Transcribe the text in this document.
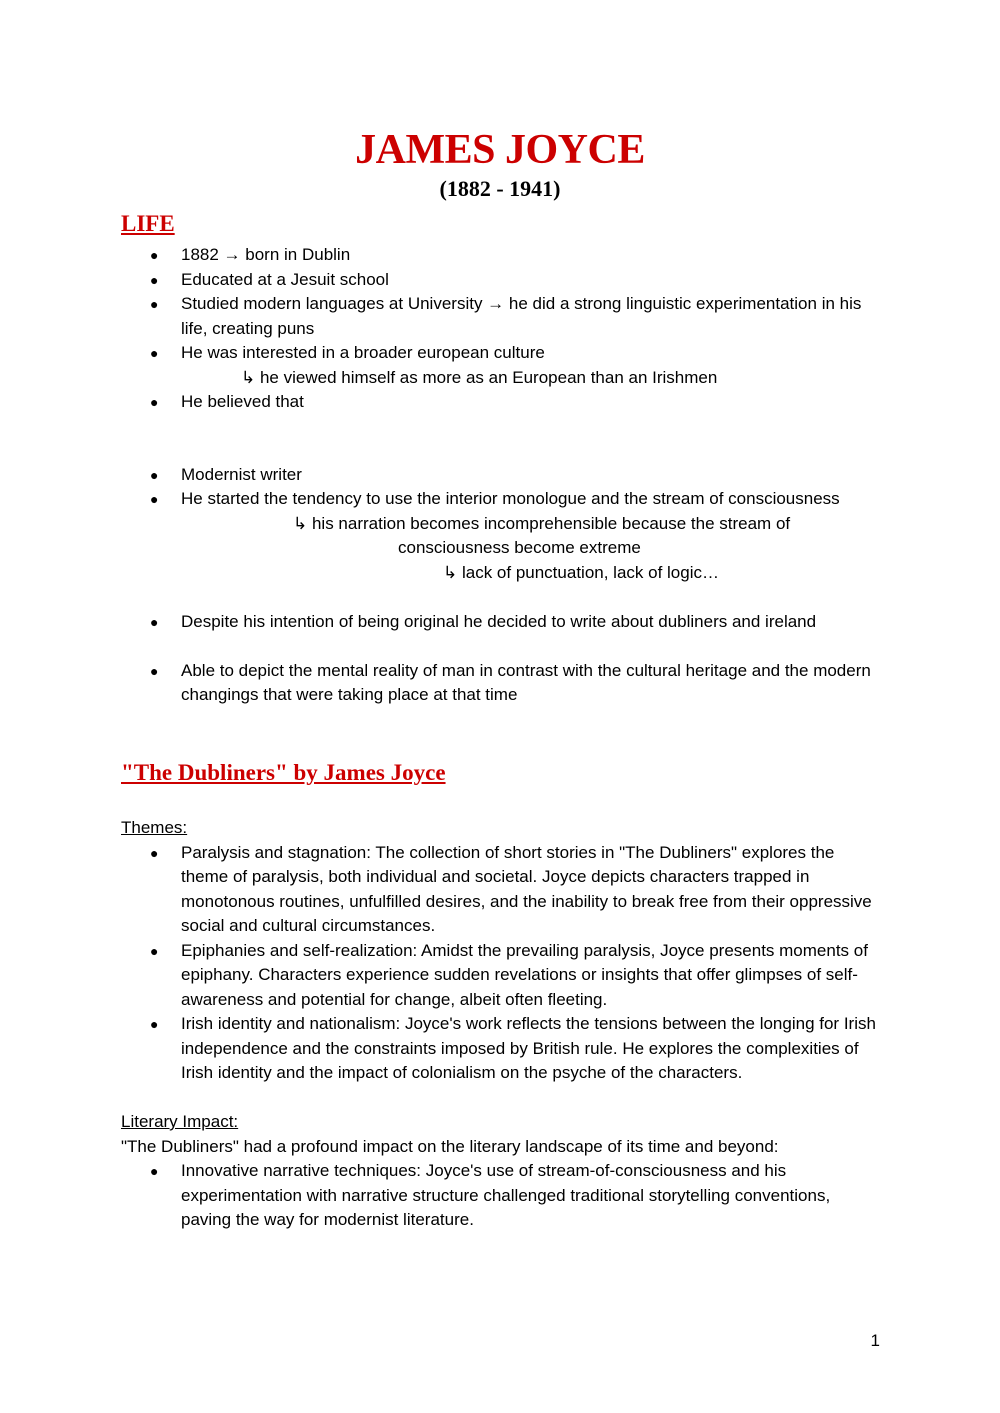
JAMES JOYCE
(1882 - 1941)
LIFE
● 1882 → born in Dublin
● Educated at a Jesuit school
● Studied modern languages at University → he did a strong linguistic experimentation in his life, creating puns
● He was interested in a broader european culture
↳ he viewed himself as more as an European than an Irishmen
● He believed that
● Modernist writer
● He started the tendency to use the interior monologue and the stream of consciousness
↳ his narration becomes incomprehensible because the stream of
consciousness become extreme
↳ lack of punctuation, lack of logic…
● Despite his intention of being original he decided to write about dubliners and ireland
● Able to depict the mental reality of man in contrast with the cultural heritage and the modern changings that were taking place at that time
"The Dubliners" by James Joyce
Themes:
● Paralysis and stagnation: The collection of short stories in "The Dubliners" explores the theme of paralysis, both individual and societal. Joyce depicts characters trapped in monotonous routines, unfulfilled desires, and the inability to break free from their oppressive social and cultural circumstances.
● Epiphanies and self-realization: Amidst the prevailing paralysis, Joyce presents moments of epiphany. Characters experience sudden revelations or insights that offer glimpses of self-awareness and potential for change, albeit often fleeting.
● Irish identity and nationalism: Joyce's work reflects the tensions between the longing for Irish independence and the constraints imposed by British rule. He explores the complexities of Irish identity and the impact of colonialism on the psyche of the characters.
Literary Impact:
"The Dubliners" had a profound impact on the literary landscape of its time and beyond:
● Innovative narrative techniques: Joyce's use of stream-of-consciousness and his experimentation with narrative structure challenged traditional storytelling conventions, paving the way for modernist literature.
1
